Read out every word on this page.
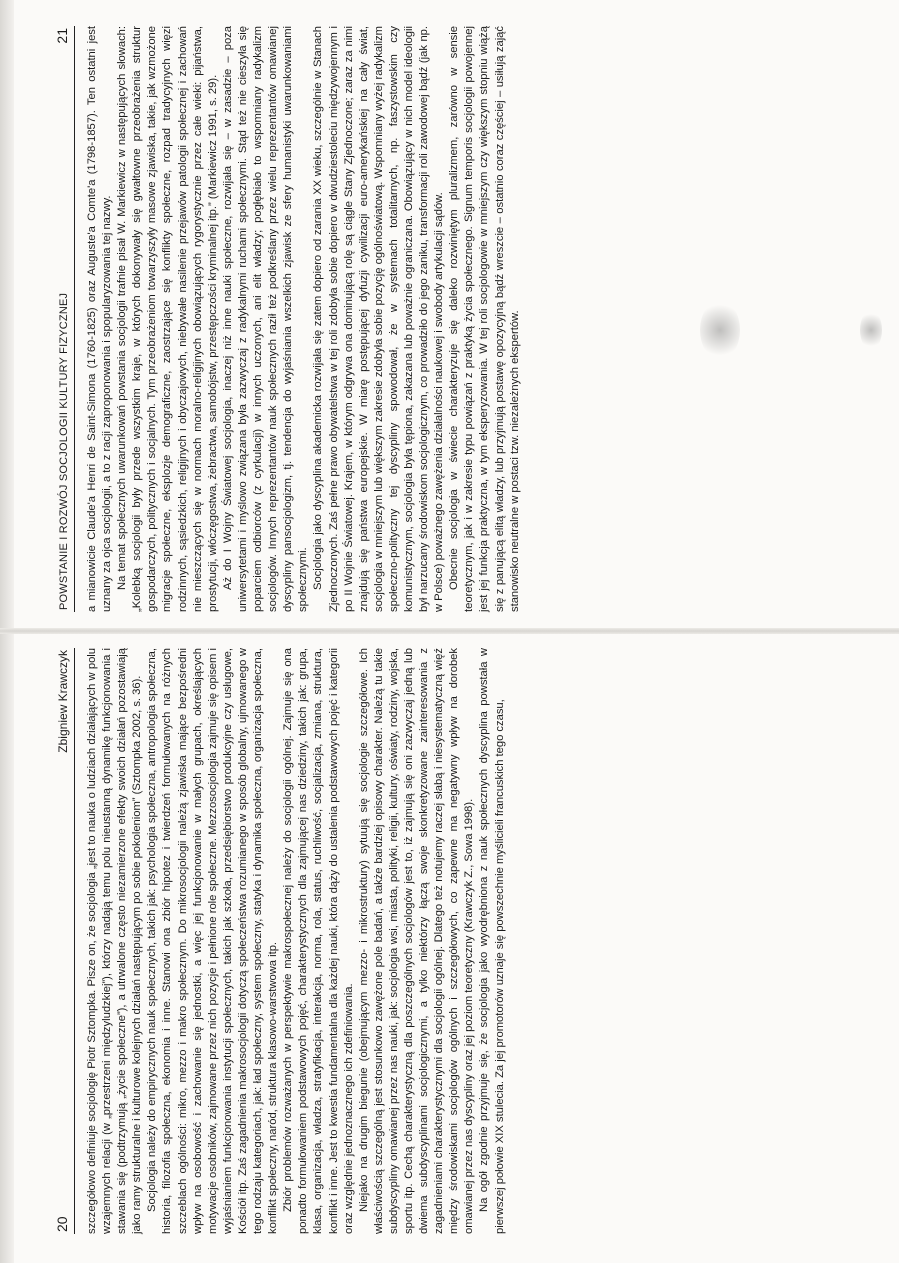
POWSTANIE I ROZWÓJ SOCJOLOGII KULTURY FIZYCZNEJ
21 a mianowicie Claude'a Henri de Saint-Simona (1760-1825) oraz Auguste'a Comte'a (1798-1857). Ten ostatni jest uznany za ojca socjologii, a to z racji zaproponowania i spopularyzowania tej nazwy. Na temat społecznych uwarunkowań powstania socjologii trafnie pisał W. Markiewicz w następujących słowach: „Kolebką socjologii były przede wszystkim kraje, w których dokonywały się gwałtowne przeobrażenia struktur gospodarczych, politycznych i socjalnych. Tym przeobrażeniom towarzyszyły masowe zjawiska, takie, jak wzmożone migracje społeczne, eksplozje demograficzne, zaostrzające się konflikty społeczne, rozpad tradycyjnych więzi rodzinnych, sąsiedzkich, religijnych i obyczajowych, niebywałe nasilenie przejawów patologii społecznej i zachowań nie mieszczących się w normach moralno-religijnych obowiązujących rygorystycznie przez całe wieki: pijaństwa, prostytucji, włóczęgostwa, żebractwa, samobójstw, przestępczości kryminalnej itp.” (Markiewicz 1991, s. 29). Aż do I Wojny Światowej socjologia, inaczej niż inne nauki społeczne, rozwijała się – w zasadzie – poza uniwersytetami i myślowo związana była zazwyczaj z radykalnymi ruchami społecznymi. Stąd też nie cieszyła się poparciem odbiorców (z cyrkulacji) w innych uczonych, ani elit władzy; pogłębiało to wspomniany radykalizm socjologów. Innych reprezentantów nauk społecznych raził też podkreślany przez wielu reprezentantów omawianej dyscypliny pansocjologizm, tj. tendencja do wyjaśniania wszelkich zjawisk ze sfery humanistyki uwarunkowaniami społecznymi. Socjologia jako dyscyplina akademicka rozwijała się zatem dopiero od zarania XX wieku, szczególnie w Stanach Zjednoczonych. Zaś pełne prawo obywatelstwa w tej roli zdobyła sobie dopiero w dwudziestoleciu międzywojennym i po II Wojnie Światowej. Krajem, w którym odgrywa ona dominującą rolę są ciągle Stany Zjednoczone; zaraz za nimi znajdują się państwa europejskie. W miarę postępującej dyfuzji cywilizacji euro-amerykańskiej na cały świat, socjologia w mniejszym lub większym zakresie zdobyła sobie pozycję ogólnoświatową. Wspomniany wyżej radykalizm społeczno-polityczny tej dyscypliny spowodował, że w systemach totalitarnych, np. faszystowskim czy komunistycznym, socjologia była tępiona, zakazana lub poważnie ograniczana. Obowiązujący w nich model ideologii był narzucany środowiskom socjologicznym, co prowadziło do jego zaniku, transformacji roli zawodowej bądź (jak np. w Polsce) poważnego zawężenia działalności naukowej i swobody artykulacji sądów. Obecnie socjologia w świecie charakteryzuje się daleko rozwiniętym pluralizmem, zarówno w sensie teoretycznym, jak i w zakresie typu powiązań z praktyką życia społecznego. Signum temporis socjologii powojennej jest jej funkcja praktyczna, w tym eksperyzowania. W tej roli socjologowie w mniejszym czy większym stopniu wiążą się z panującą elitą władzy, lub przyjmują postawę opozycyjną bądź wreszcie – ostatnio coraz częściej – usiłują zająć stanowisko neutralne w postaci tzw. niezależnych ekspertów.

20
Zbigniew Krawczyk szczegółowo definiuje socjologię Piotr Sztompka. Pisze on, że socjologia „jest to nauka o ludziach działających w polu wzajemnych relacji (w „przestrzeni międzyludzkiej”), którzy nadają temu polu nieustanną dynamikę funkcjonowania i stawania się (podtrzymują „życie społeczne”), a utrwalone często niezamierzone efekty swoich działań pozostawiają jako ramy strukturalne i kulturowe kolejnych działań następującym po sobie pokoleniom” (Sztompka 2002, s. 36). Socjologia należy do empirycznych nauk społecznych, takich jak: psychologia społeczna, antropologia społeczna, historia, filozofia społeczna, ekonomia i inne. Stanowi ona zbiór hipotez i twierdzeń formułowanych na różnych szczeblach ogólności: mikro, mezzo i makro społecznym. Do mikrosocjologii należą zjawiska mające bezpośredni wpływ na osobowość i zachowanie się jednostki, a więc jej funkcjonowanie w małych grupach, określających motywacje osobników, zajmowane przez nich pozycje i pełnione role społeczne. Mezzosocjologia zajmuje się opisem i wyjaśnianiem funkcjonowania instytucji społecznych, takich jak szkoła, przedsiębiorstwo produkcyjne czy usługowe, Kościół itp. Zaś zagadnienia makrosocjologii dotyczą społeczeństwa rozumianego w sposób globalny, ujmowanego w tego rodzaju kategoriach, jak: ład społeczny, system społeczny, statyka i dynamika społeczna, organizacja społeczna, konflikt społeczny, naród, struktura klasowo-warstwowa itp. Zbiór problemów rozważanych w perspektywie makrospołecznej należy do socjologii ogólnej. Zajmuje się ona ponadto formułowaniem podstawowych pojęć, charakterystycznych dla zajmującej nas dziedziny, takich jak: grupa, klasa, organizacja, władza, stratyfikacja, interakcja, norma, rola, status, ruchliwość, socjalizacja, zmiana, struktura, konflikt i inne. Jest to kwestia fundamentalna dla każdej nauki, która dąży do ustalenia podstawowych pojęć i kategorii oraz względnie jednoznacznego ich zdefiniowania. Niejako na drugim biegunie (obejmującym mezzo- i mikrostruktury) sytuują się socjologie szczegółowe. Ich właściwością szczególną jest stosunkowo zawężone pole badań, a także bardziej opisowy charakter. Należą tu takie subdyscypliny omawianej przez nas nauki, jak: socjologia wsi, miasta, polityki, religii, kultury, oświaty, rodziny, wojska, sportu itp. Cechą charakterystyczną dla poszczególnych socjologów jest to, iż zajmują się oni zazwyczaj jedną lub dwiema subdyscyplinami socjologicznymi, a tylko niektórzy łączą swoje skonkretyzowane zainteresowania z zagadnieniami charakterystycznymi dla socjologii ogólnej. Dlatego też notujemy raczej słabą i niesystematyczną więź między środowiskami socjologów ogólnych i szczegółowych, co zapewne ma negatywny wpływ na dorobek omawianej przez nas dyscypliny oraz jej poziom teoretyczny (Krawczyk Z., Sowa 1998). Na ogół zgodnie przyjmuje się, że socjologia jako wyodrębniona z nauk społecznych dyscyplina powstała w pierwszej połowie XIX stulecia. Za jej promotorów uznaje się powszechnie myślicieli francuskich tego czasu,
